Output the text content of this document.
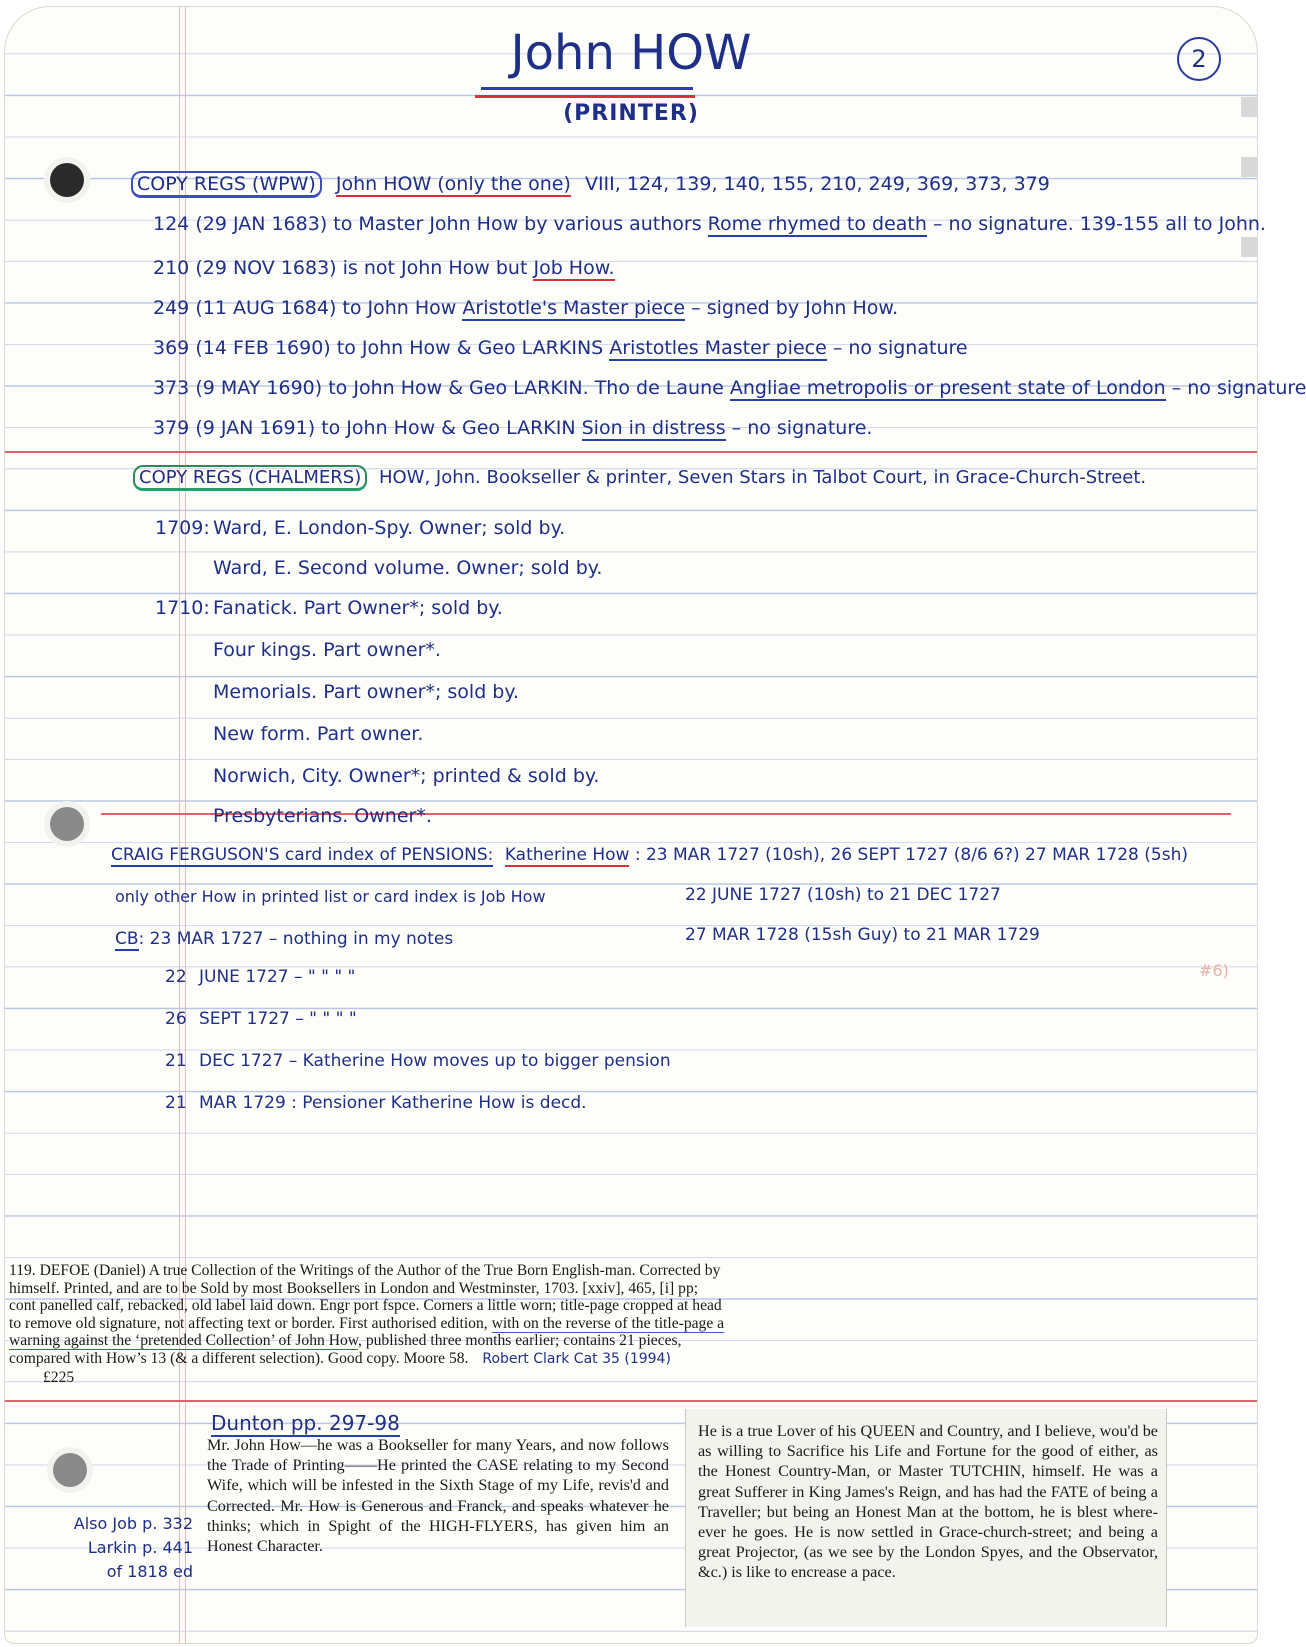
John HOW
(PRINTER)
2
COPY REGS (WPW) John HOW (only the one) VIII, 124, 139, 140, 155, 210, 249, 369, 373, 379
124 (29 JAN 1683) to Master John How by various authors Rome rhymed to death – no signature. 139-155 all to John.
210 (29 NOV 1683) is not John How but Job How.
249 (11 AUG 1684) to John How Aristotle's Master piece – signed by John How.
369 (14 FEB 1690) to John How & Geo LARKINS Aristotles Master piece – no signature
373 (9 MAY 1690) to John How & Geo LARKIN. Tho de Laune Angliae metropolis or present state of London – no signature
379 (9 JAN 1691) to John How & Geo LARKIN Sion in distress – no signature.
COPY REGS (CHALMERS) HOW, John. Bookseller & printer, Seven Stars in Talbot Court, in Grace-Church-Street.
1709: Ward, E. London-Spy. Owner; sold by.
Ward, E. Second volume. Owner; sold by.
1710: Fanatick. Part Owner*; sold by.
Four kings. Part owner*.
Memorials. Part owner*; sold by.
New form. Part owner.
Norwich, City. Owner*; printed & sold by.
Presbyterians. Owner*.
CRAIG FERGUSON'S card index of PENSIONS: Katherine How : 23 MAR 1727 (10sh), 26 SEPT 1727 (8/6 6?) 27 MAR 1728 (5sh)
only other How in printed list or card index is Job How	22 JUNE 1727 (10sh) to 21 DEC 1727
27 MAR 1728 (15sh Guy) to 21 MAR 1729
CB: 23 MAR 1727 – nothing in my notes
22 JUNE 1727 – " " " "
26 SEPT 1727 – " " " "
21 DEC 1727 – Katherine How moves up to bigger pension
21 MAR 1729 : Pensioner Katherine How is decd.
#6)
119. DEFOE (Daniel) A true Collection of the Writings of the Author of the True Born English-man. Corrected by himself. Printed, and are to be Sold by most Booksellers in London and Westminster, 1703. [xxiv], 465, [i] pp; cont panelled calf, rebacked, old label laid down. Engr port fspce. Corners a little worn; title-page cropped at head to remove old signature, not affecting text or border. First authorised edition, with on the reverse of the title-page a warning against the ‘pretended Collection’ of John How, published three months earlier; contains 21 pieces, compared with How’s 13 (& a different selection). Good copy. Moore 58. Robert Clark Cat 35 (1994) £225
Dunton pp. 297-98
Mr. John How—he was a Bookseller for many Years, and now follows the Trade of Printing——He printed the CASE relating to my Second Wife, which will be infested in the Sixth Stage of my Life, revis'd and Corrected. Mr. How is Generous and Franck, and speaks whatever he thinks; which in Spight of the HIGH-FLYERS, has given him an Honest Character.
He is a true Lover of his QUEEN and Country, and I believe, wou'd be as willing to Sacrifice his Life and Fortune for the good of either, as the Honest Country-Man, or Master TUTCHIN, himself. He was a great Sufferer in King James's Reign, and has had the FATE of being a Traveller; but being an Honest Man at the bottom, he is blest where-ever he goes. He is now settled in Grace-church-street; and being a great Projector, (as we see by the London Spyes, and the Observator, &c.) is like to encrease a pace.
Also Job p. 332
Larkin p. 441
of 1818 ed
